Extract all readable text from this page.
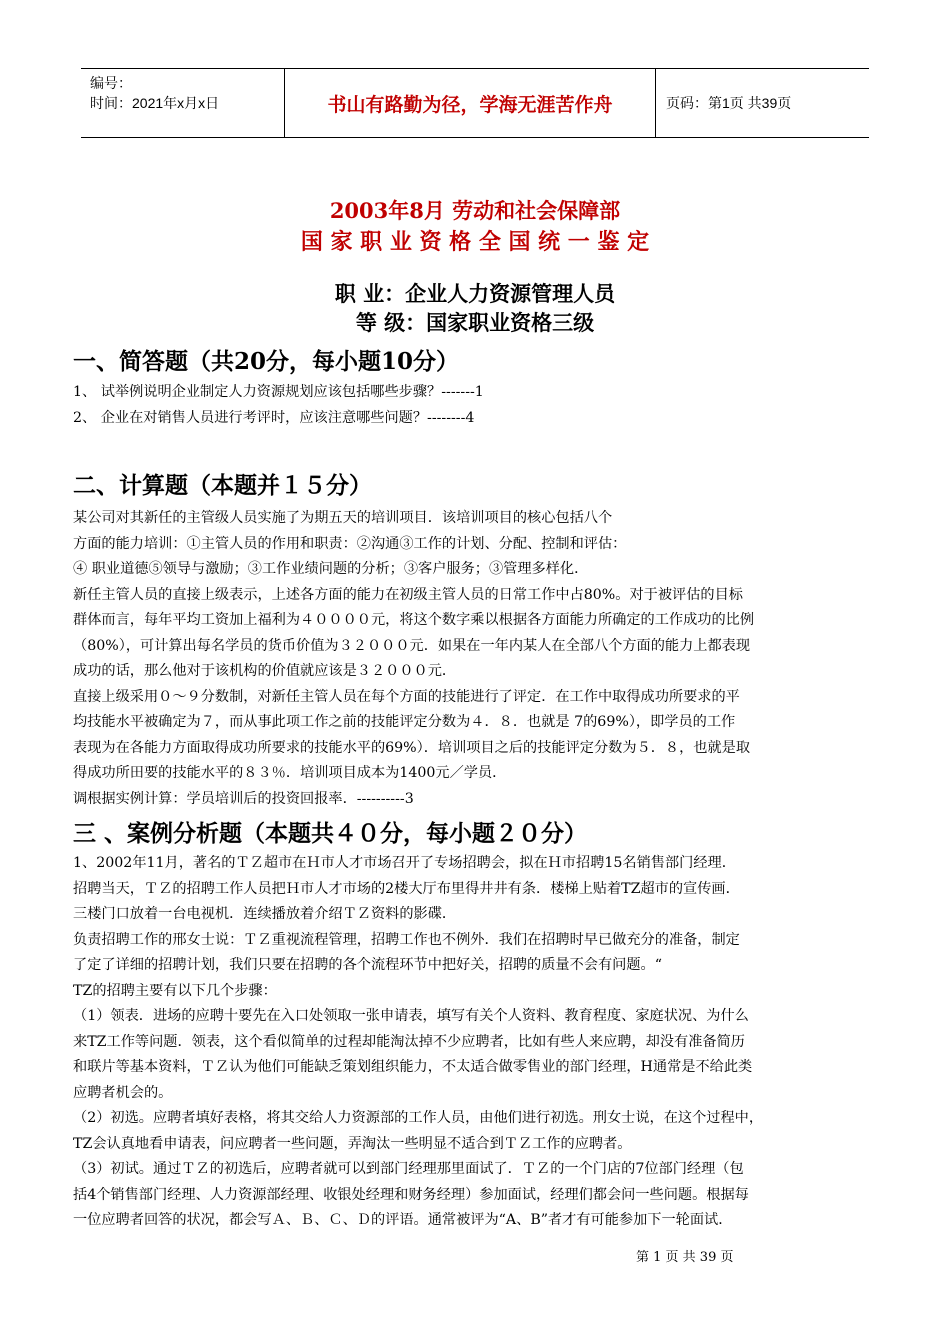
编号：
时间：2021年x月x日	书山有路勤为径，学海无涯苦作舟	页码：第1页 共39页
2003年8月 劳动和社会保障部
国 家 职 业 资 格 全 国 统 一 鉴 定
职 业：企业人力资源管理人员
等 级：国家职业资格三级
一、简答题（共20分，每小题10分）
1、 试举例说明企业制定人力资源规划应该包括哪些步骤？-------1
2、 企业在对销售人员进行考评时，应该注意哪些问题？--------4
二、计算题（本题并１５分）
某公司对其新任的主管级人员实施了为期五天的培训项目．该培训项目的核心包括八个
方面的能力培训：①主管人员的作用和职责：②沟通③工作的计划、分配、控制和评估：
④ 职业道德⑤领导与激励；③工作业绩问题的分析；③客户服务；③管理多样化．
新任主管人员的直接上级表示，上述各方面的能力在初级主管人员的日常工作中占80%。对于被评估的目标
群体而言，每年平均工资加上福利为４００００元，将这个数字乘以根据各方面能力所确定的工作成功的比例
（80%），可计算出每名学员的货币价值为３２０００元．如果在一年内某人在全部八个方面的能力上都表现
成功的话，那么他对于该机构的价值就应该是３２０００元．
直接上级采用０～９分数制，对新任主管人员在每个方面的技能进行了评定．在工作中取得成功所要求的平
均技能水平被确定为７，而从事此项工作之前的技能评定分数为４．８．也就是 7的69%），即学员的工作
表现为在各能力方面取得成功所要求的技能水平的69%）．培训项目之后的技能评定分数为５．８，也就是取
得成功所田要的技能水平的８３％．培训项目成本为1400元／学员．
调根据实例计算：学员培训后的投资回报率．----------3
三 、案例分析题（本题共４０分，每小题２０分）
1、2002年11月，著名的ＴＺ超市在Ｈ市人才市场召开了专场招聘会，拟在Ｈ市招聘15名销售部门经理．
招聘当天，ＴＺ的招聘工作人员把Ｈ市人才市场的2楼大厅布里得井井有条．楼梯上贴着TZ超市的宣传画．
三楼门口放着一台电视机．连续播放着介绍ＴＺ资料的影碟．
负责招聘工作的邢女士说：ＴＺ重视流程管理，招聘工作也不例外．我们在招聘时早已做充分的准备，制定
了定了详细的招聘计划，我们只要在招聘的各个流程环节中把好关，招聘的质量不会有问题。“
TZ的招聘主要有以下几个步骤：
（1）领表．进场的应聘十要先在入口处领取一张申请表，填写有关个人资料、教育程度、家庭状况、为什么
来TZ工作等问题．领表，这个看似简单的过程却能淘汰掉不少应聘者，比如有些人来应聘，却没有准备简历
和联片等基本资料，ＴＺ认为他们可能缺乏策划组织能力，不太适合做零售业的部门经理，H通常是不给此类
应聘者机会的。
（2）初选。应聘者填好表格，将其交给人力资源部的工作人员，由他们进行初选。刑女士说，在这个过程中，
TZ会认真地看申请表，问应聘者一些问题，弄淘汰一些明显不适合到ＴＺ工作的应聘者。
（3）初试。通过ＴＺ的初选后，应聘者就可以到部门经理那里面试了．ＴＺ的一个门店的7位部门经理（包
括4个销售部门经理、人力资源部经理、收银处经理和财务经理）参加面试，经理们都会问一些问题。根据每
一位应聘者回答的状况，都会写Ａ、Ｂ、Ｃ、Ｄ的评语。通常被评为“A、B”者才有可能参加下一轮面试．
第 1 页 共 39 页
